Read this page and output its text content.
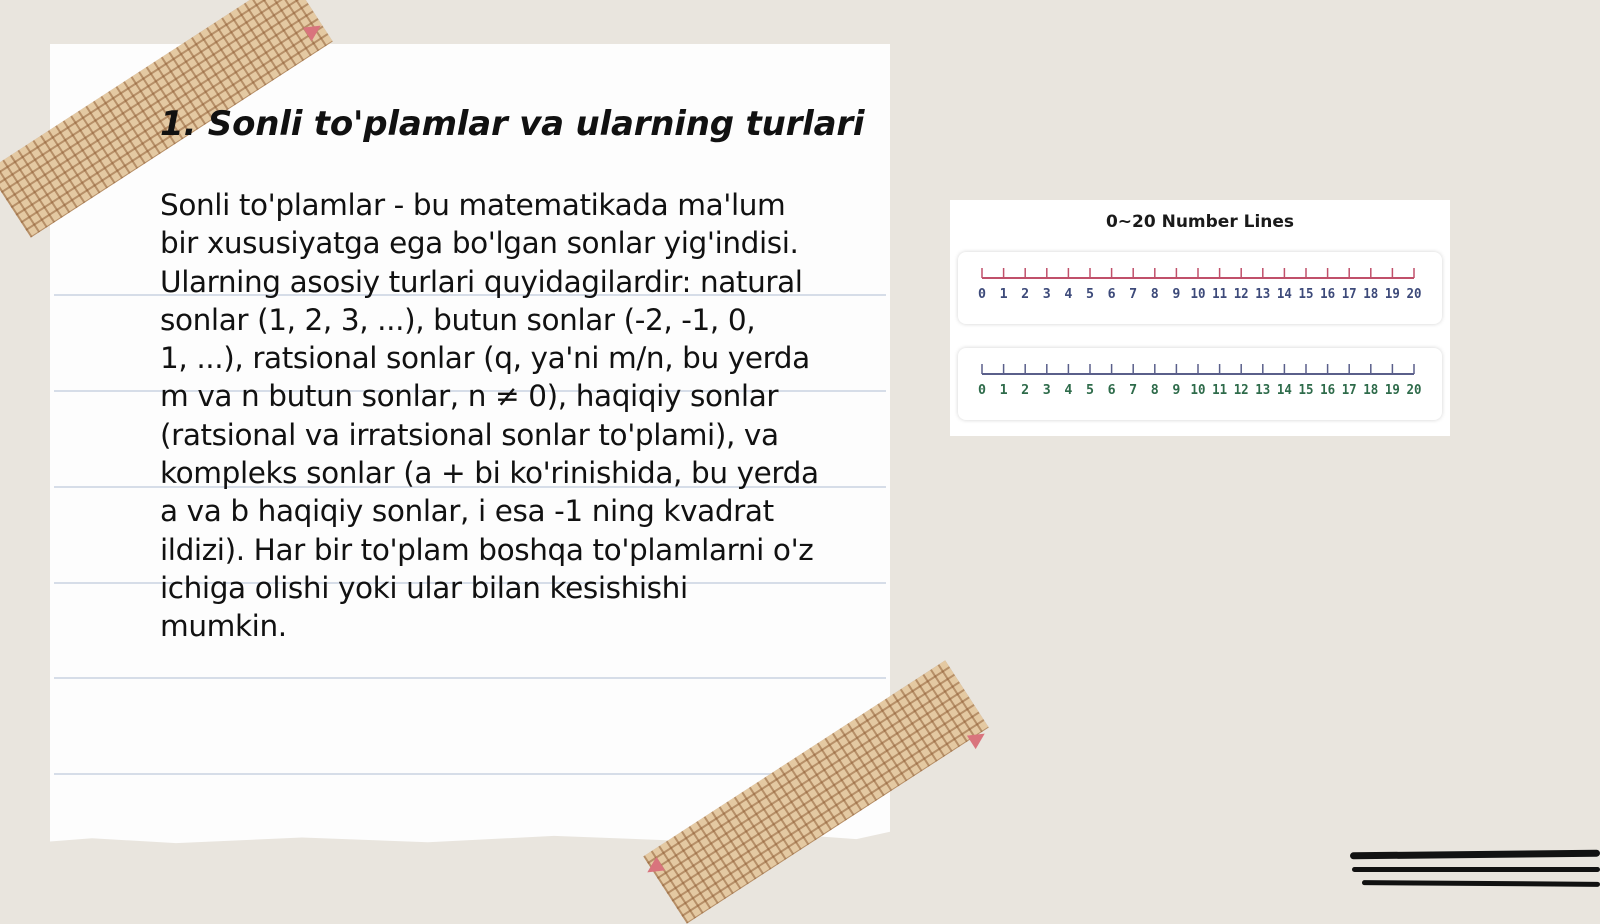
1. Sonli to'plamlar va ularning turlari
Sonli to'plamlar - bu matematikada ma'lum
bir xususiyatga ega bo'lgan sonlar yig'indisi.
Ularning asosiy turlari quyidagilardir: natural
sonlar (1, 2, 3, ...), butun sonlar (-2, -1, 0,
1, ...), ratsional sonlar (q, ya'ni m/n, bu yerda
m va n butun sonlar, n ≠ 0), haqiqiy sonlar
(ratsional va irratsional sonlar to'plami), va
kompleks sonlar (a + bi ko'rinishida, bu yerda
a va b haqiqiy sonlar, i esa -1 ning kvadrat
ildizi). Har bir to'plam boshqa to'plamlarni o'z
ichiga olishi yoki ular bilan kesishishi
mumkin.
0~20 Number Lines
0 1 2 3 4 5 6 7 8 9 10 11 12 13 14 15 16 17 18 19 20
0 1 2 3 4 5 6 7 8 9 10 11 12 13 14 15 16 17 18 19 20
